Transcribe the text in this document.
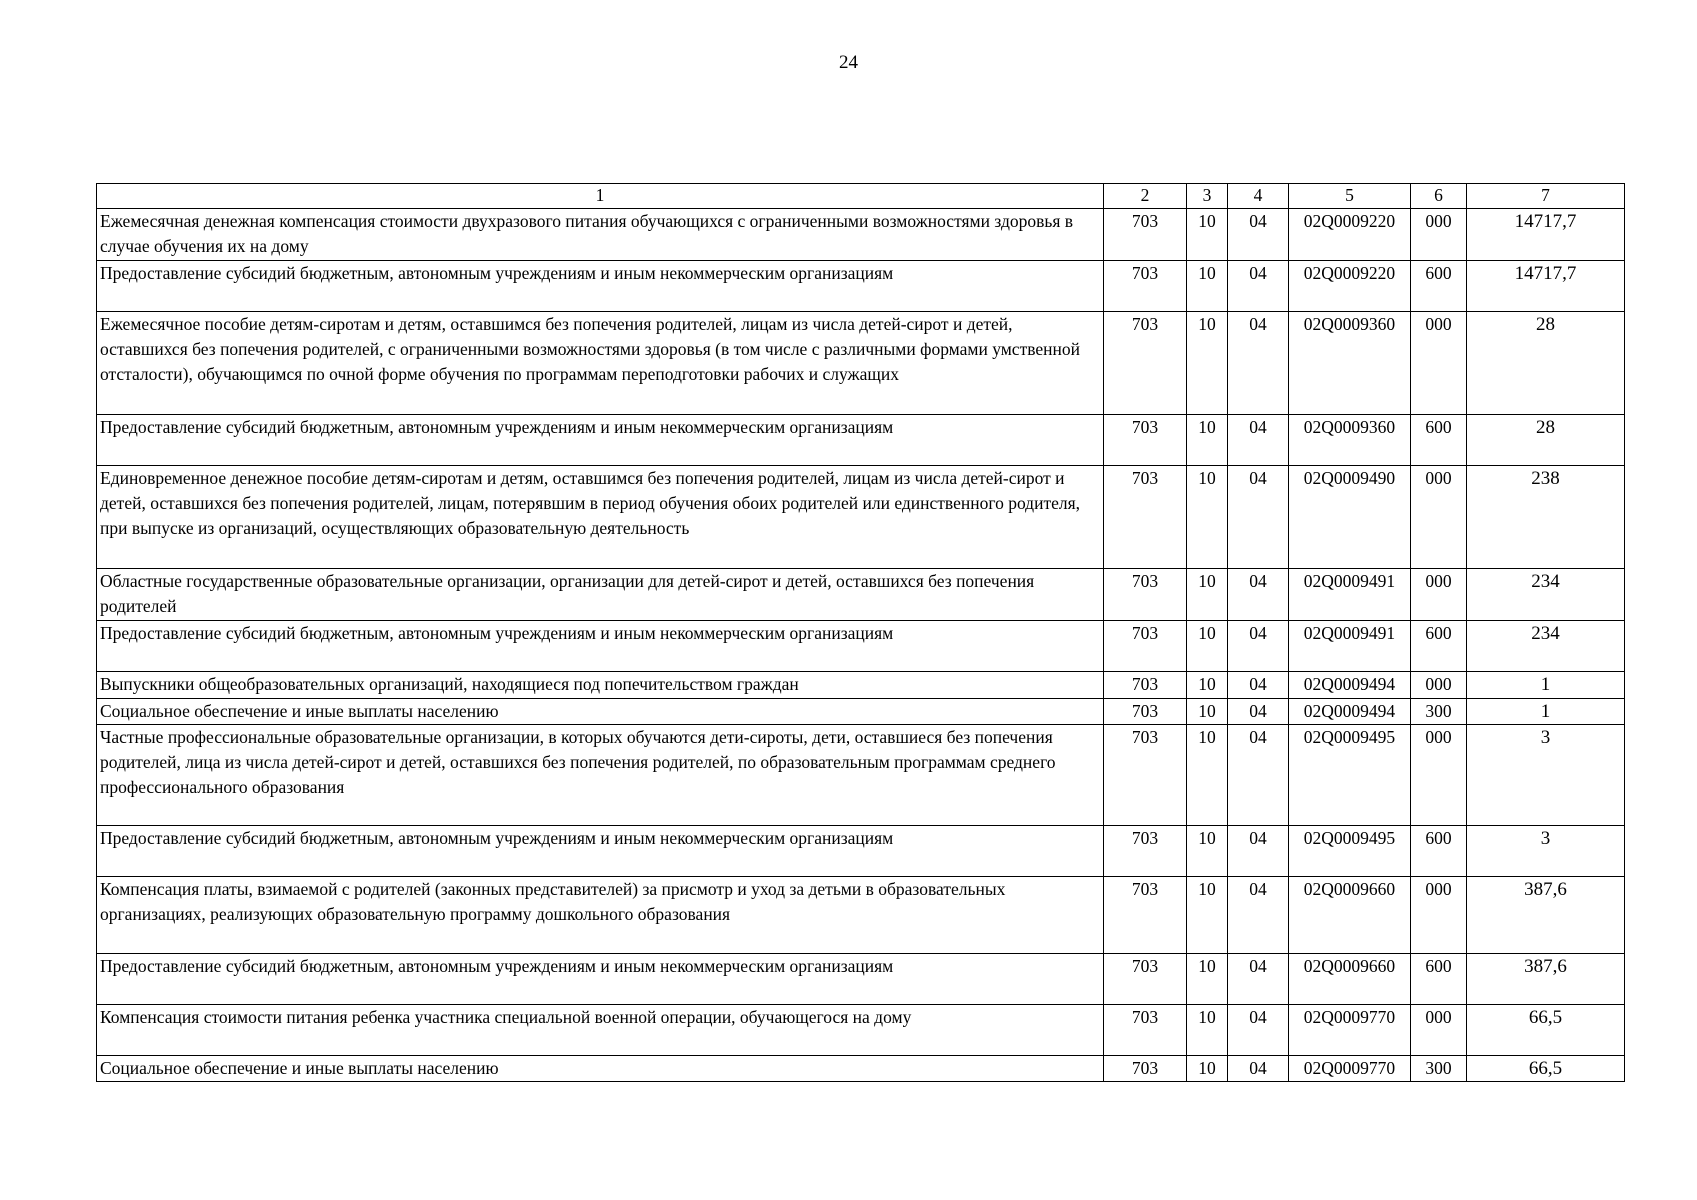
24
1	2	3	4	5	6	7
Ежемесячная денежная компенсация стоимости двухразового питания обучающихся с ограниченными возможностями здоровья в случае обучения их на дому	703	10	04	02Q0009220	000	14717,7
Предоставление субсидий бюджетным, автономным учреждениям и иным некоммерческим организациям	703	10	04	02Q0009220	600	14717,7
Ежемесячное пособие детям-сиротам и детям, оставшимся без попечения родителей, лицам из числа детей-сирот и детей, оставшихся без попечения родителей, с ограниченными возможностями здоровья (в том числе с различными формами умственной отсталости), обучающимся по очной форме обучения по программам переподготовки рабочих и служащих	703	10	04	02Q0009360	000	28
Предоставление субсидий бюджетным, автономным учреждениям и иным некоммерческим организациям	703	10	04	02Q0009360	600	28
Единовременное денежное пособие детям-сиротам и детям, оставшимся без попечения родителей, лицам из числа детей-сирот и детей, оставшихся без попечения родителей, лицам, потерявшим в период обучения обоих родителей или единственного родителя, при выпуске из организаций, осуществляющих образовательную деятельность	703	10	04	02Q0009490	000	238
Областные государственные образовательные организации, организации для детей-сирот и детей, оставшихся без попечения родителей	703	10	04	02Q0009491	000	234
Предоставление субсидий бюджетным, автономным учреждениям и иным некоммерческим организациям	703	10	04	02Q0009491	600	234
Выпускники общеобразовательных организаций, находящиеся под попечительством граждан	703	10	04	02Q0009494	000	1
Социальное обеспечение и иные выплаты населению	703	10	04	02Q0009494	300	1
Частные профессиональные образовательные организации, в которых обучаются дети-сироты, дети, оставшиеся без попечения родителей, лица из числа детей-сирот и детей, оставшихся без попечения родителей, по образовательным программам среднего профессионального образования	703	10	04	02Q0009495	000	3
Предоставление субсидий бюджетным, автономным учреждениям и иным некоммерческим организациям	703	10	04	02Q0009495	600	3
Компенсация платы, взимаемой с родителей (законных представителей) за присмотр и уход за детьми в образовательных организациях, реализующих образовательную программу дошкольного образования	703	10	04	02Q0009660	000	387,6
Предоставление субсидий бюджетным, автономным учреждениям и иным некоммерческим организациям	703	10	04	02Q0009660	600	387,6
Компенсация стоимости питания ребенка участника специальной военной операции, обучающегося на дому	703	10	04	02Q0009770	000	66,5
Социальное обеспечение и иные выплаты населению	703	10	04	02Q0009770	300	66,5
